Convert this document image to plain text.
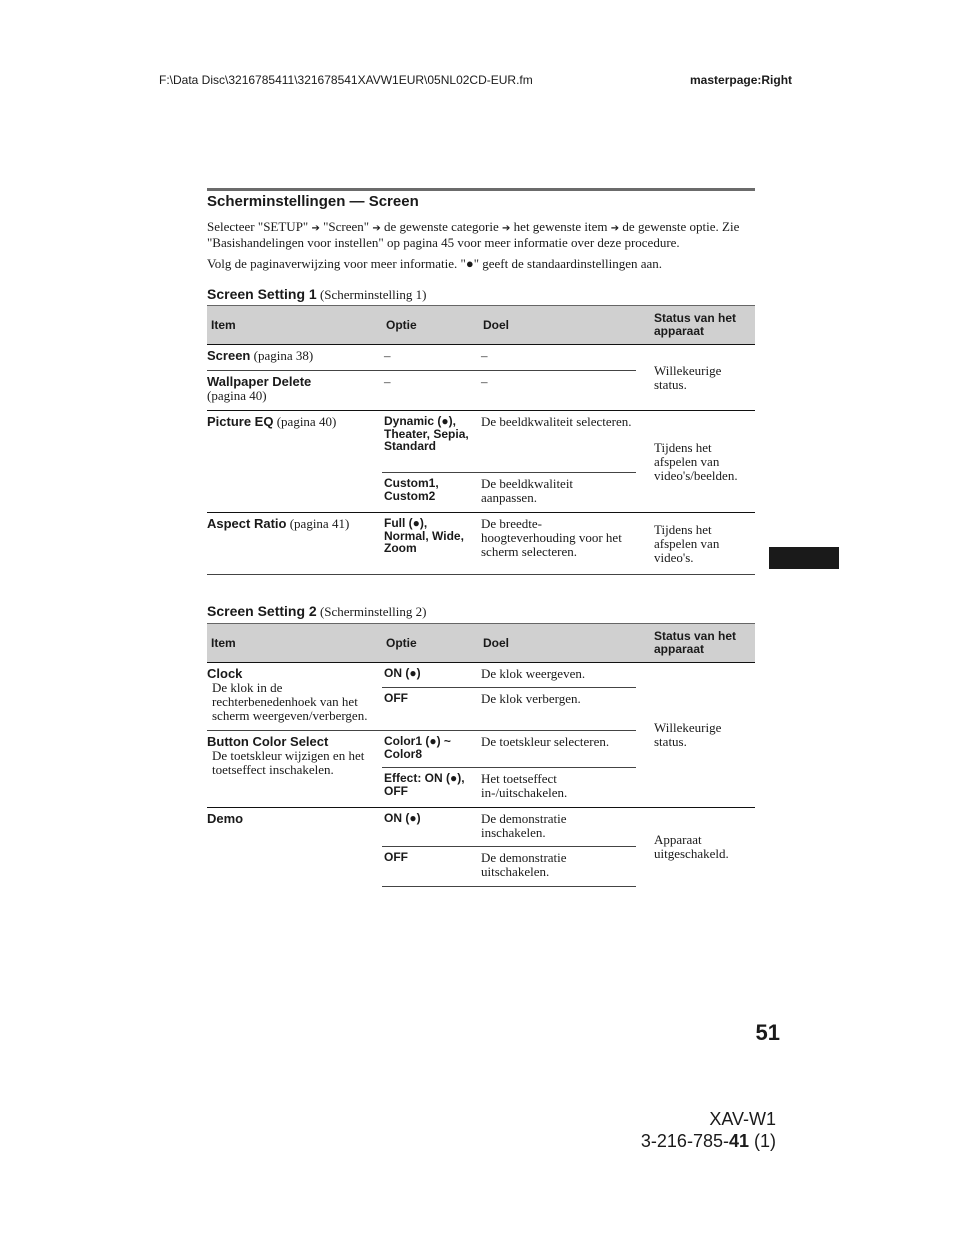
F:\Data Disc\3216785411\321678541XAVW1EUR\05NL02CD-EUR.fm	masterpage:Right
Scherminstellingen — Screen

Selecteer "SETUP" ➔ "Screen" ➔ de gewenste categorie ➔ het gewenste item ➔ de gewenste optie. Zie "Basishandelingen voor instellen" op pagina 45 voor meer informatie over deze procedure.

Volg de paginaverwijzing voor meer informatie. "●" geeft de standaardinstellingen aan.

Screen Setting 1 (Scherminstelling 1)
Item	Optie	Doel	Status van het apparaat
Screen (pagina 38)	–	–	Willekeurige status.
Wallpaper Delete
(pagina 40)	–	–	
Picture EQ (pagina 40)	Dynamic (●), Theater, Sepia, Standard	De beeldkwaliteit selecteren.	Tijdens het afspelen van video's/beelden.
	Custom1, Custom2	De beeldkwaliteit aanpassen.	
Aspect Ratio (pagina 41)	Full (●), Normal, Wide, Zoom	De breedte-hoogteverhouding voor het scherm selecteren.	Tijdens het afspelen van video's.
Screen Setting 2 (Scherminstelling 2)
Item	Optie	Doel	Status van het apparaat
Clock
De klok in de rechterbenedenhoek van het scherm weergeven/verbergen.	ON (●)	De klok weergeven.	Willekeurige status.
	OFF	De klok verbergen.	
Button Color Select
De toetskleur wijzigen en het toetseffect inschakelen.	Color1 (●) ~ Color8	De toetskleur selecteren.	
	Effect: ON (●), OFF	Het toetseffect in-/uitschakelen.	
Demo	ON (●)	De demonstratie inschakelen.	Apparaat uitgeschakeld.
	OFF	De demonstratie uitschakelen.	
51
XAV-W1
3-216-785-41 (1)
